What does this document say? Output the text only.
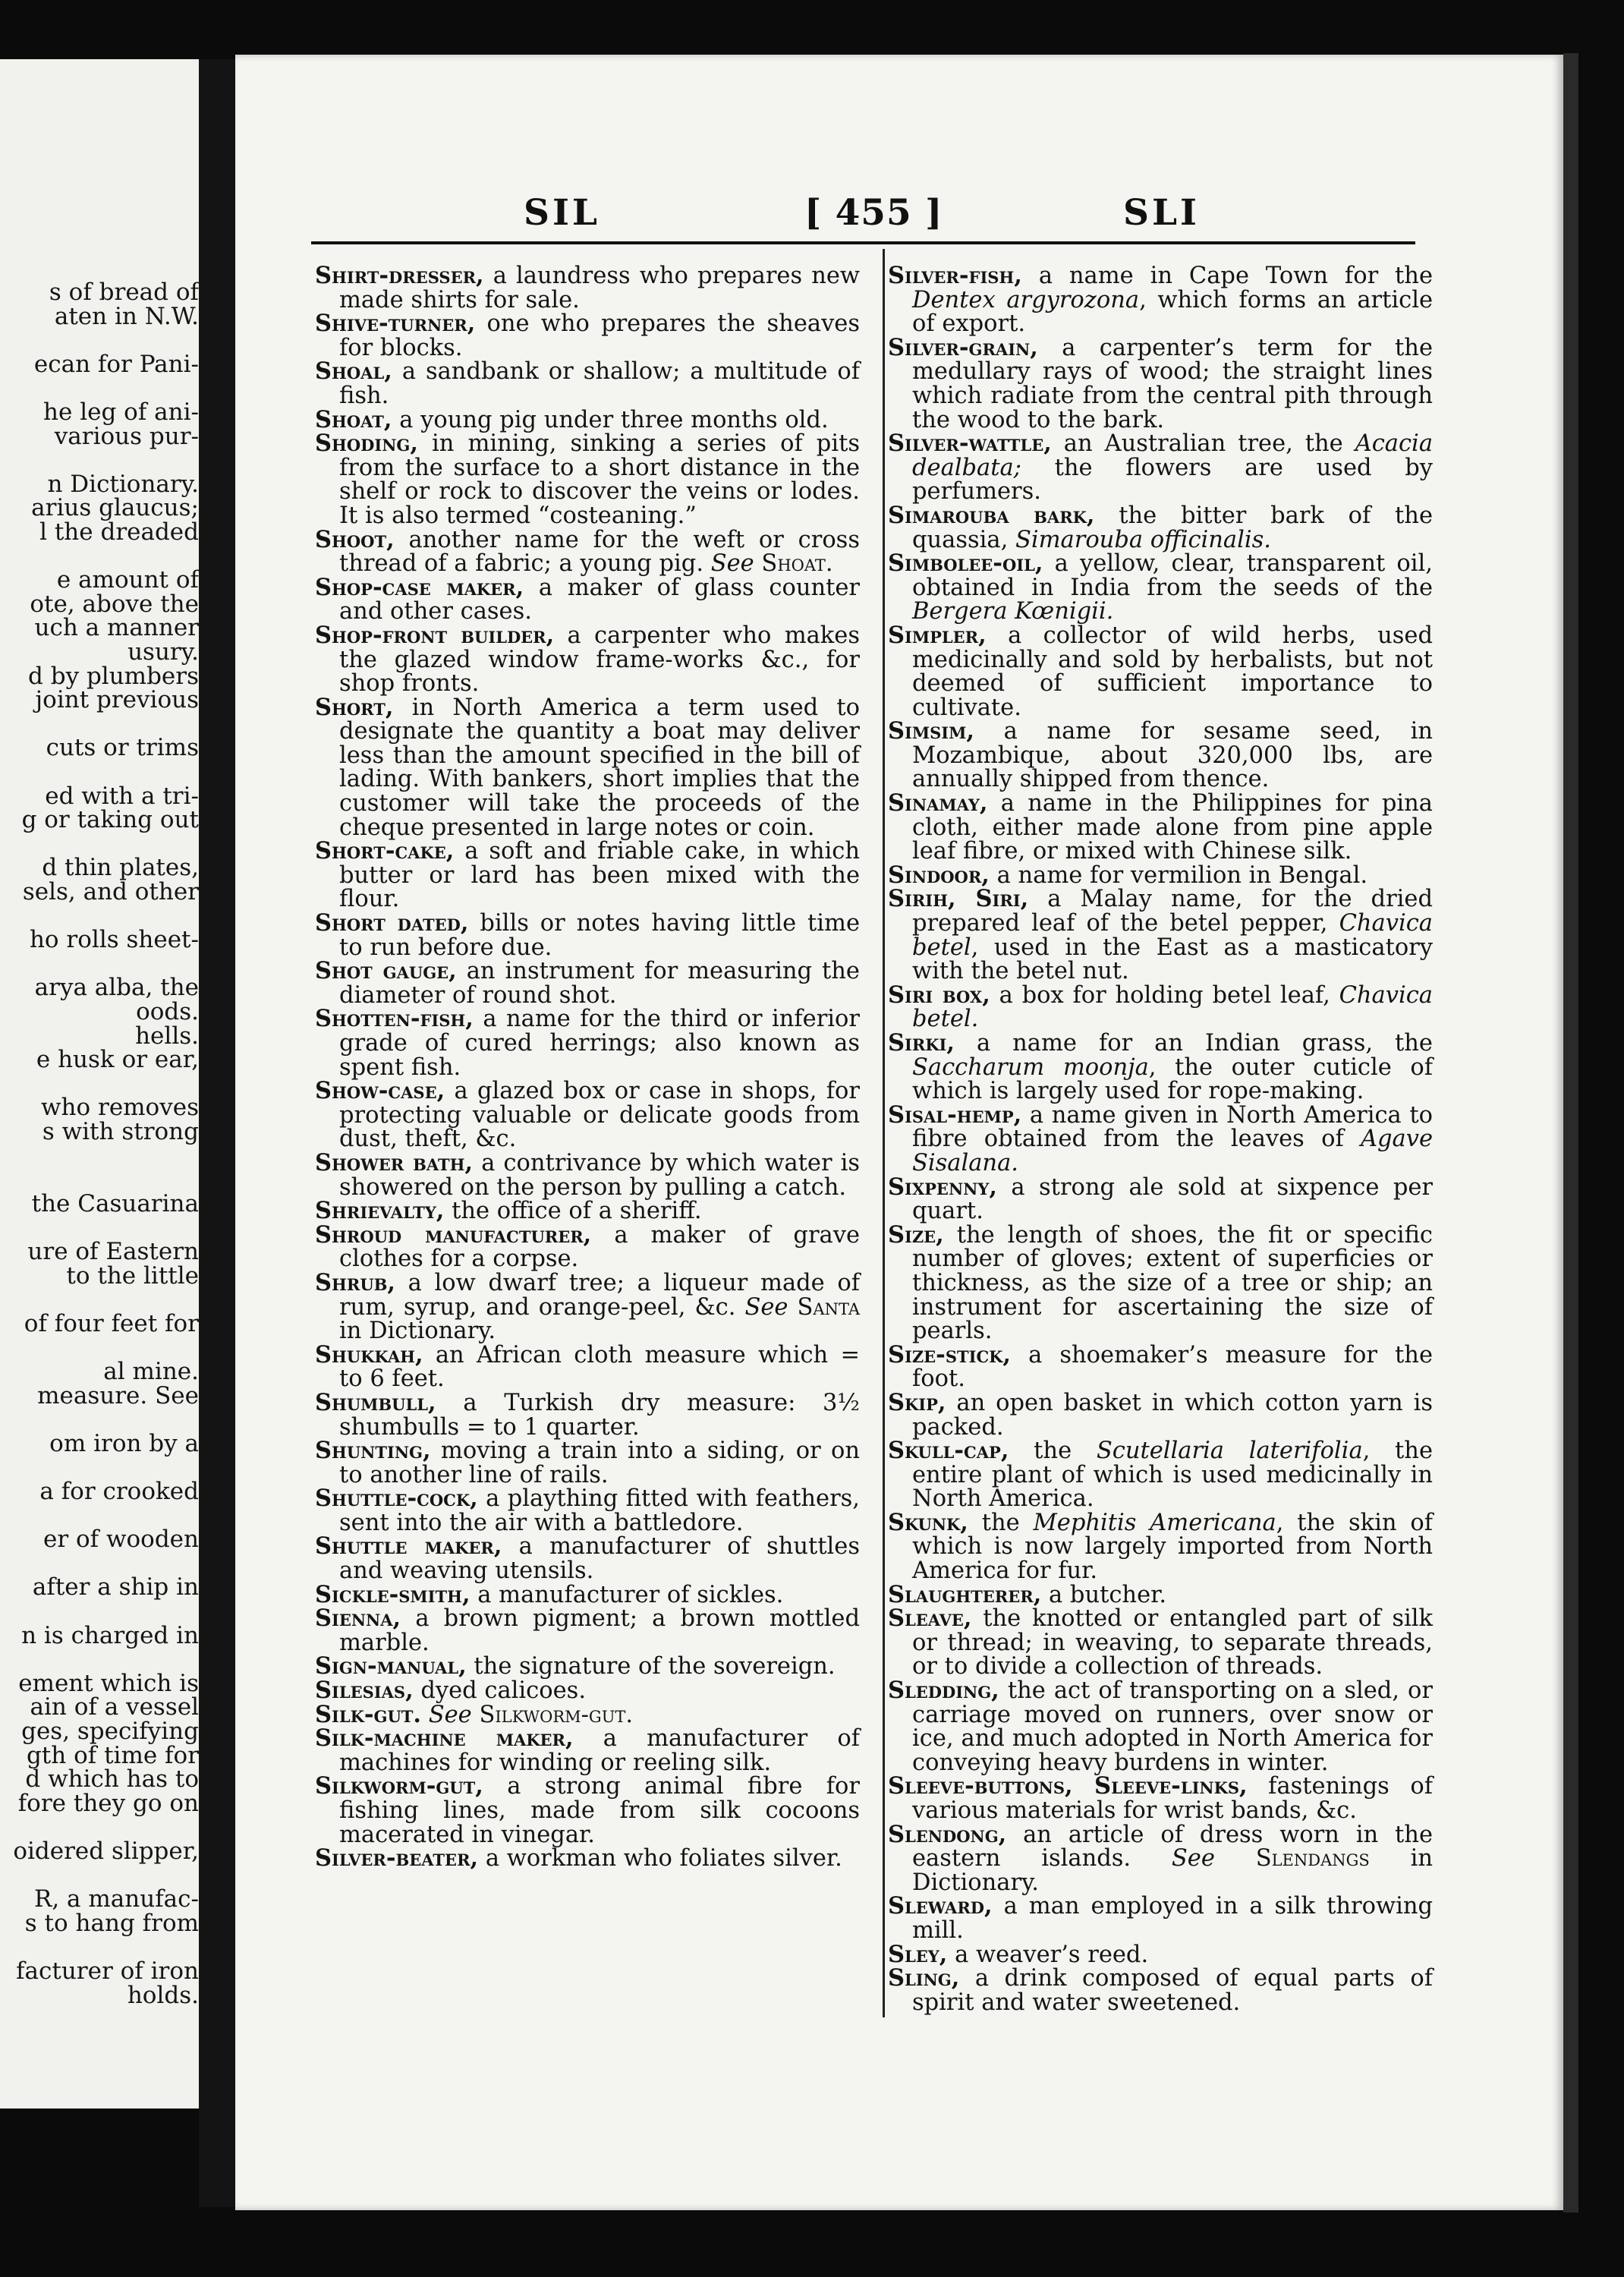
s of bread of
aten in N.W.
ecan for Pani-
he leg of ani-
various pur-
n Dictionary.
arius glaucus;
l the dreaded
e amount of
ote, above the
uch a manner
usury.
d by plumbers
joint previous
cuts or trims
ed with a tri-
g or taking out
d thin plates,
sels, and other
ho rolls sheet-
arya alba, the
oods.
hells.
e husk or ear,
who removes
s with strong
the Casuarina
ure of Eastern
to the little
of four feet for
al mine.
measure. See
om iron by a
a for crooked
er of wooden
after a ship in
n is charged in
ement which is
ain of a vessel
ges, specifying
gth of time for
d which has to
fore they go on
oidered slipper,
R, a manufac-
s to hang from
facturer of iron
holds.
SIL	[ 455 ]	SLI
Shirt-dresser, a laundress who prepares new made shirts for sale.
Shive-turner, one who prepares the sheaves for blocks.
Shoal, a sandbank or shallow; a multitude of fish.
Shoat, a young pig under three months old.
Shoding, in mining, sinking a series of pits from the surface to a short distance in the shelf or rock to discover the veins or lodes. It is also termed “costeaning.”
Shoot, another name for the weft or cross thread of a fabric; a young pig. See Shoat.
Shop-case maker, a maker of glass counter and other cases.
Shop-front builder, a carpenter who makes the glazed window frame-works &c., for shop fronts.
Short, in North America a term used to designate the quantity a boat may deliver less than the amount specified in the bill of lading. With bankers, short implies that the customer will take the proceeds of the cheque presented in large notes or coin.
Short-cake, a soft and friable cake, in which butter or lard has been mixed with the flour.
Short dated, bills or notes having little time to run before due.
Shot gauge, an instrument for measuring the diameter of round shot.
Shotten-fish, a name for the third or inferior grade of cured herrings; also known as spent fish.
Show-case, a glazed box or case in shops, for protecting valuable or delicate goods from dust, theft, &c.
Shower bath, a contrivance by which water is showered on the person by pulling a catch.
Shrievalty, the office of a sheriff.
Shroud manufacturer, a maker of grave clothes for a corpse.
Shrub, a low dwarf tree; a liqueur made of rum, syrup, and orange-peel, &c. See Santa in Dictionary.
Shukkah, an African cloth measure which = to 6 feet.
Shumbull, a Turkish dry measure: 3½ shumbulls = to 1 quarter.
Shunting, moving a train into a siding, or on to another line of rails.
Shuttle-cock, a plaything fitted with feathers, sent into the air with a battledore.
Shuttle maker, a manufacturer of shuttles and weaving utensils.
Sickle-smith, a manufacturer of sickles.
Sienna, a brown pigment; a brown mottled marble.
Sign-manual, the signature of the sovereign.
Silesias, dyed calicoes.
Silk-gut. See Silkworm-gut.
Silk-machine maker, a manufacturer of machines for winding or reeling silk.
Silkworm-gut, a strong animal fibre for fishing lines, made from silk cocoons macerated in vinegar.
Silver-beater, a workman who foliates silver.
Silver-fish, a name in Cape Town for the Dentex argyrozona, which forms an article of export.
Silver-grain, a carpenter’s term for the medullary rays of wood; the straight lines which radiate from the central pith through the wood to the bark.
Silver-wattle, an Australian tree, the Acacia dealbata; the flowers are used by perfumers.
Simarouba bark, the bitter bark of the quassia, Simarouba officinalis.
Simbolee-oil, a yellow, clear, transparent oil, obtained in India from the seeds of the Bergera Kœnigii.
Simpler, a collector of wild herbs, used medicinally and sold by herbalists, but not deemed of sufficient importance to cultivate.
Simsim, a name for sesame seed, in Mozambique, about 320,000 lbs, are annually shipped from thence.
Sinamay, a name in the Philippines for pina cloth, either made alone from pine apple leaf fibre, or mixed with Chinese silk.
Sindoor, a name for vermilion in Bengal.
Sirih, Siri, a Malay name, for the dried prepared leaf of the betel pepper, Chavica betel, used in the East as a masticatory with the betel nut.
Siri box, a box for holding betel leaf, Chavica betel.
Sirki, a name for an Indian grass, the Saccharum moonja, the outer cuticle of which is largely used for rope-making.
Sisal-hemp, a name given in North America to fibre obtained from the leaves of Agave Sisalana.
Sixpenny, a strong ale sold at sixpence per quart.
Size, the length of shoes, the fit or specific number of gloves; extent of superficies or thickness, as the size of a tree or ship; an instrument for ascertaining the size of pearls.
Size-stick, a shoemaker’s measure for the foot.
Skip, an open basket in which cotton yarn is packed.
Skull-cap, the Scutellaria laterifolia, the entire plant of which is used medicinally in North America.
Skunk, the Mephitis Americana, the skin of which is now largely imported from North America for fur.
Slaughterer, a butcher.
Sleave, the knotted or entangled part of silk or thread; in weaving, to separate threads, or to divide a collection of threads.
Sledding, the act of transporting on a sled, or carriage moved on runners, over snow or ice, and much adopted in North America for conveying heavy burdens in winter.
Sleeve-buttons, Sleeve-links, fastenings of various materials for wrist bands, &c.
Slendong, an article of dress worn in the eastern islands. See Slendangs in Dictionary.
Sleward, a man employed in a silk throwing mill.
Sley, a weaver’s reed.
Sling, a drink composed of equal parts of spirit and water sweetened.
